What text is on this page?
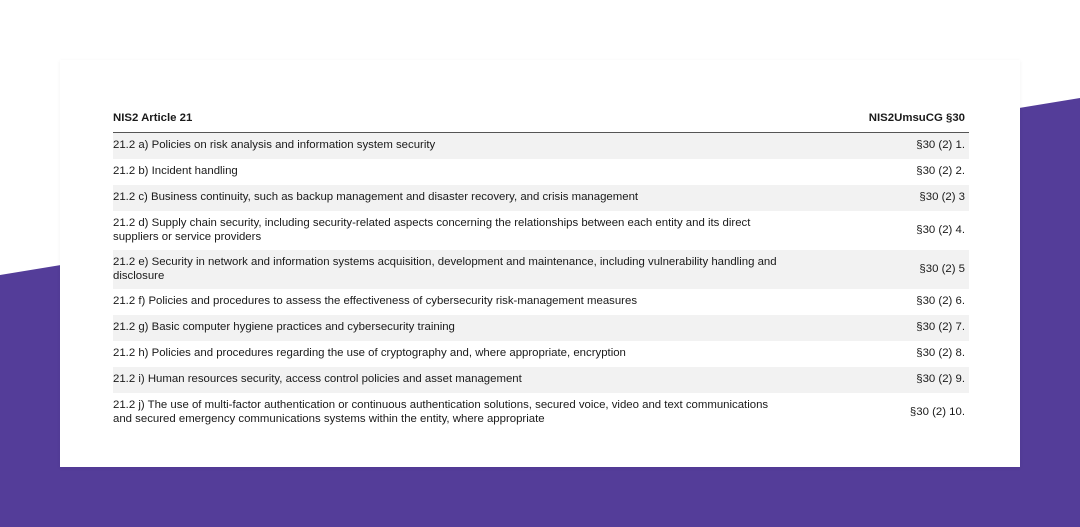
NIS2 Article 21	NIS2UmsuCG §30
21.2 a) Policies on risk analysis and information system security	§30 (2) 1.
21.2 b) Incident handling	§30 (2) 2.
21.2 c) Business continuity, such as backup management and disaster recovery, and crisis management	§30 (2) 3
21.2 d) Supply chain security, including security-related aspects concerning the relationships between each entity and its direct suppliers or service providers	§30 (2) 4.
21.2 e) Security in network and information systems acquisition, development and maintenance, including vulnerability handling and disclosure	§30 (2) 5
21.2 f) Policies and procedures to assess the effectiveness of cybersecurity risk-management measures	§30 (2) 6.
21.2 g) Basic computer hygiene practices and cybersecurity training	§30 (2) 7.
21.2 h) Policies and procedures regarding the use of cryptography and, where appropriate, encryption	§30 (2) 8.
21.2 i) Human resources security, access control policies and asset management	§30 (2) 9.
21.2 j) The use of multi-factor authentication or continuous authentication solutions, secured voice, video and text communications and secured emergency communications systems within the entity, where appropriate	§30 (2) 10.
